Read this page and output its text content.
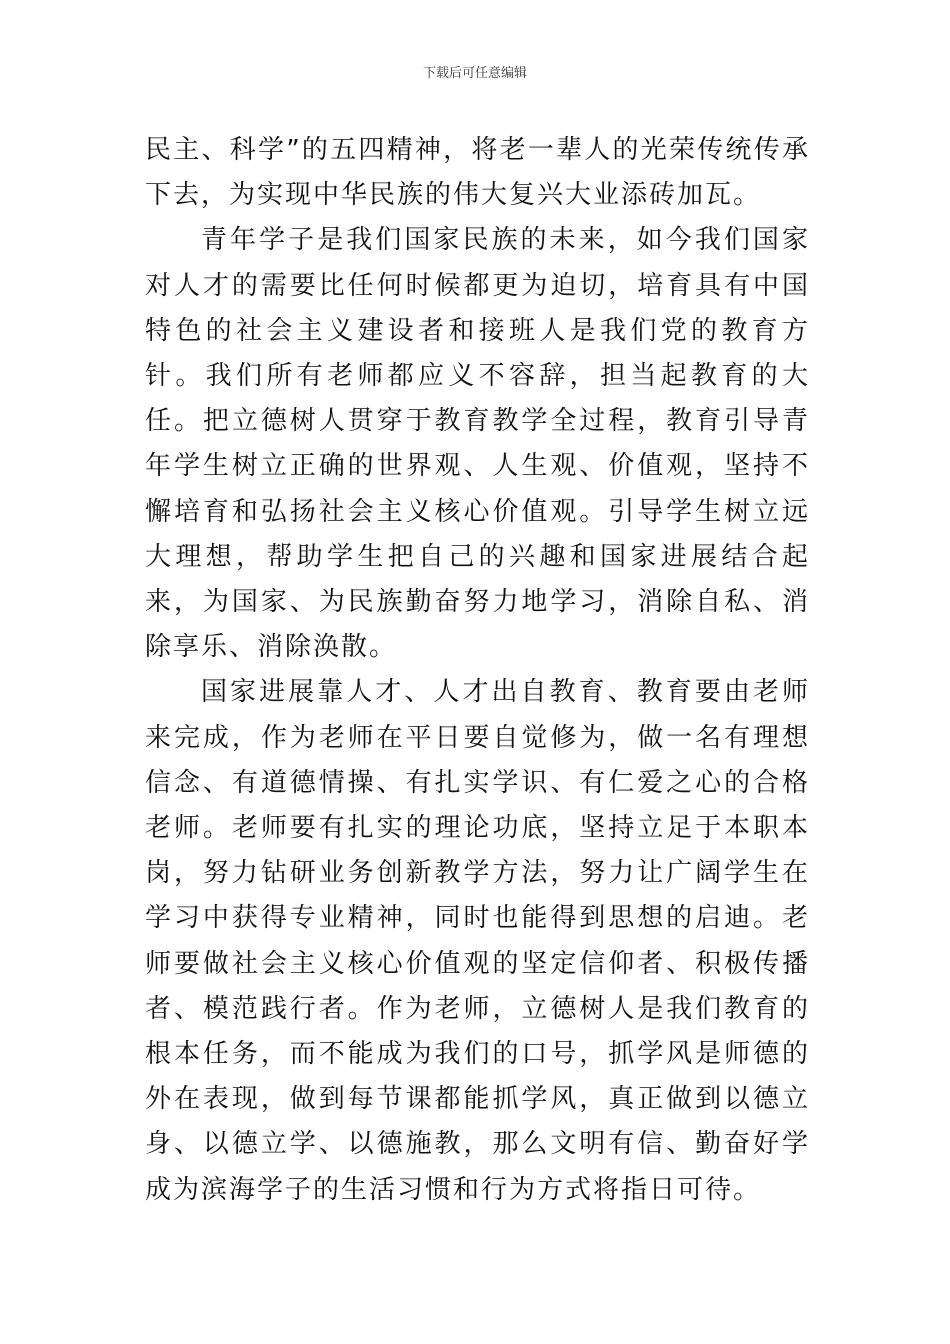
下载后可任意编辑

民主、科学”的五四精神，将老一辈人的光荣传统传承下去，为实现中华民族的伟大复兴大业添砖加瓦。

青年学子是我们国家民族的未来，如今我们国家对人才的需要比任何时候都更为迫切，培育具有中国特色的社会主义建设者和接班人是我们党的教育方针。我们所有老师都应义不容辞，担当起教育的大任。把立德树人贯穿于教育教学全过程，教育引导青年学生树立正确的世界观、人生观、价值观，坚持不懈培育和弘扬社会主义核心价值观。引导学生树立远大理想，帮助学生把自己的兴趣和国家进展结合起来，为国家、为民族勤奋努力地学习，消除自私、消除享乐、消除涣散。

国家进展靠人才、人才出自教育、教育要由老师来完成，作为老师在平日要自觉修为，做一名有理想信念、有道德情操、有扎实学识、有仁爱之心的合格老师。老师要有扎实的理论功底，坚持立足于本职本岗，努力钻研业务创新教学方法，努力让广阔学生在学习中获得专业精神，同时也能得到思想的启迪。老师要做社会主义核心价值观的坚定信仰者、积极传播者、模范践行者。作为老师，立德树人是我们教育的根本任务，而不能成为我们的口号，抓学风是师德的外在表现，做到每节课都能抓学风，真正做到以德立身、以德立学、以德施教，那么文明有信、勤奋好学成为滨海学子的生活习惯和行为方式将指日可待。
